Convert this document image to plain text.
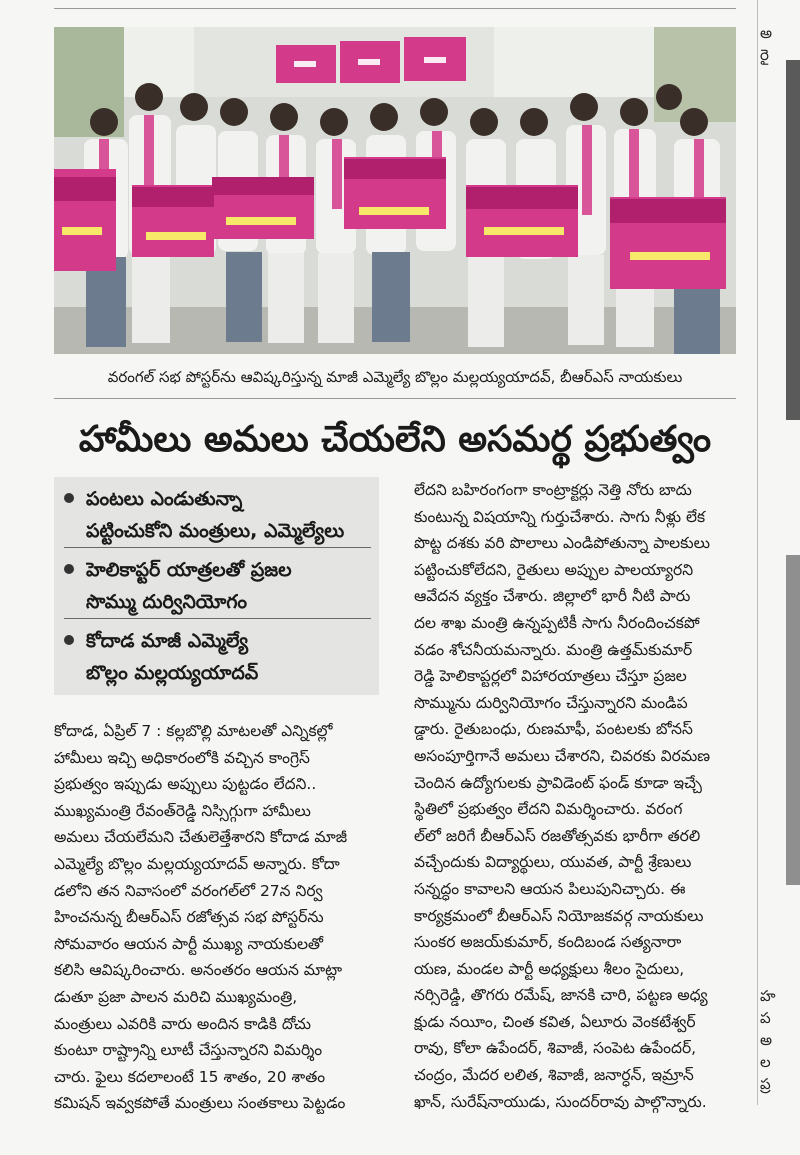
అ
రై
హ
ప
అ
ల
ప్ర
వరంగల్ సభ పోస్టర్‌ను ఆవిష్కరిస్తున్న మాజీ ఎమ్మెల్యే బొల్లం మల్లయ్యయాదవ్, బీఆర్ఎస్ నాయకులు
హామీలు అమలు చేయలేని అసమర్థ ప్రభుత్వం
పంటలు ఎండుతున్నా
పట్టించుకోని మంత్రులు, ఎమ్మెల్యేలు
హెలికాప్టర్ యాత్రలతో ప్రజల
సొమ్ము దుర్వినియోగం
కోదాడ మాజీ ఎమ్మెల్యే
బొల్లం మల్లయ్యయాదవ్
కోదాడ, ఏప్రిల్ 7 : కల్లబొల్లి మాటలతో ఎన్నికల్లో
హామీలు ఇచ్చి అధికారంలోకి వచ్చిన కాంగ్రెస్
ప్రభుత్వం ఇప్పుడు అప్పులు పుట్టడం లేదని..
ముఖ్యమంత్రి రేవంత్‌రెడ్డి నిస్సిగ్గుగా హామీలు
అమలు చేయలేమని చేతులెత్తేశారని కోదాడ మాజీ
ఎమ్మెల్యే బొల్లం మల్లయ్యయాదవ్ అన్నారు. కోదా
డలోని తన నివాసంలో వరంగల్‌లో 27న నిర్వ
హించనున్న బీఆర్ఎస్ రజోత్సవ సభ పోస్టర్‌ను
సోమవారం ఆయన పార్టీ ముఖ్య నాయకులతో
కలిసి ఆవిష్కరించారు. అనంతరం ఆయన మాట్లా
డుతూ ప్రజా పాలన మరిచి ముఖ్యమంత్రి,
మంత్రులు ఎవరికి వారు అందిన కాడికి దోచు
కుంటూ రాష్ట్రాన్ని లూటీ చేస్తున్నారని విమర్శిం
చారు. ఫైలు కదలాలంటే 15 శాతం, 20 శాతం
కమిషన్ ఇవ్వకపోతే మంత్రులు సంతకాలు పెట్టడం
లేదని బహిరంగంగా కాంట్రాక్టర్లు నెత్తి నోరు బాదు
కుంటున్న విషయాన్ని గుర్తుచేశారు. సాగు నీళ్లు లేక
పొట్ట దశకు వరి పొలాలు ఎండిపోతున్నా పాలకులు
పట్టించుకోలేదని, రైతులు అప్పుల పాలయ్యారని
ఆవేదన వ్యక్తం చేశారు. జిల్లాలో భారీ నీటి పారు
దల శాఖ మంత్రి ఉన్నప్పటికీ సాగు నీరందించకపో
వడం శోచనీయమన్నారు. మంత్రి ఉత్తమ్‌కుమార్
రెడ్డి హెలికాప్టర్లలో విహారయాత్రలు చేస్తూ ప్రజల
సొమ్మును దుర్వినియోగం చేస్తున్నారని మండిప
డ్డారు. రైతుబంధు, రుణమాఫీ, పంటలకు బోనస్
అసంపూర్తిగానే అమలు చేశారని, చివరకు విరమణ
చెందిన ఉద్యోగులకు ప్రావిడెంట్ ఫండ్ కూడా ఇచ్చే
స్థితిలో ప్రభుత్వం లేదని విమర్శించారు. వరంగ
ల్‌లో జరిగే బీఆర్ఎస్ రజతోత్సవకు భారీగా తరలి
వచ్చేందుకు విద్యార్థులు, యువత, పార్టీ శ్రేణులు
సన్నద్ధం కావాలని ఆయన పిలుపునిచ్చారు. ఈ
కార్యక్రమంలో బీఆర్ఎస్ నియోజకవర్గ నాయకులు
సుంకర అజయ్‌కుమార్, కందిబండ సత్యనారా
యణ, మండల పార్టీ అధ్యక్షులు శీలం సైదులు,
నర్సిరెడ్డి, తొగరు రమేష్, జానకి చారి, పట్టణ అధ్య
క్షుడు నయీం, చింత కవిత, ఏలూరు వెంకటేశ్వర్
రావు, కోలా ఉపేందర్, శివాజీ, సంపెట ఉపేందర్,
చంద్రం, మేదర లలిత, శివాజీ, జనార్ధన్, ఇమ్రాన్
ఖాన్, సురేష్‌నాయుడు, సుందర్‌రావు పాల్గొన్నారు.
